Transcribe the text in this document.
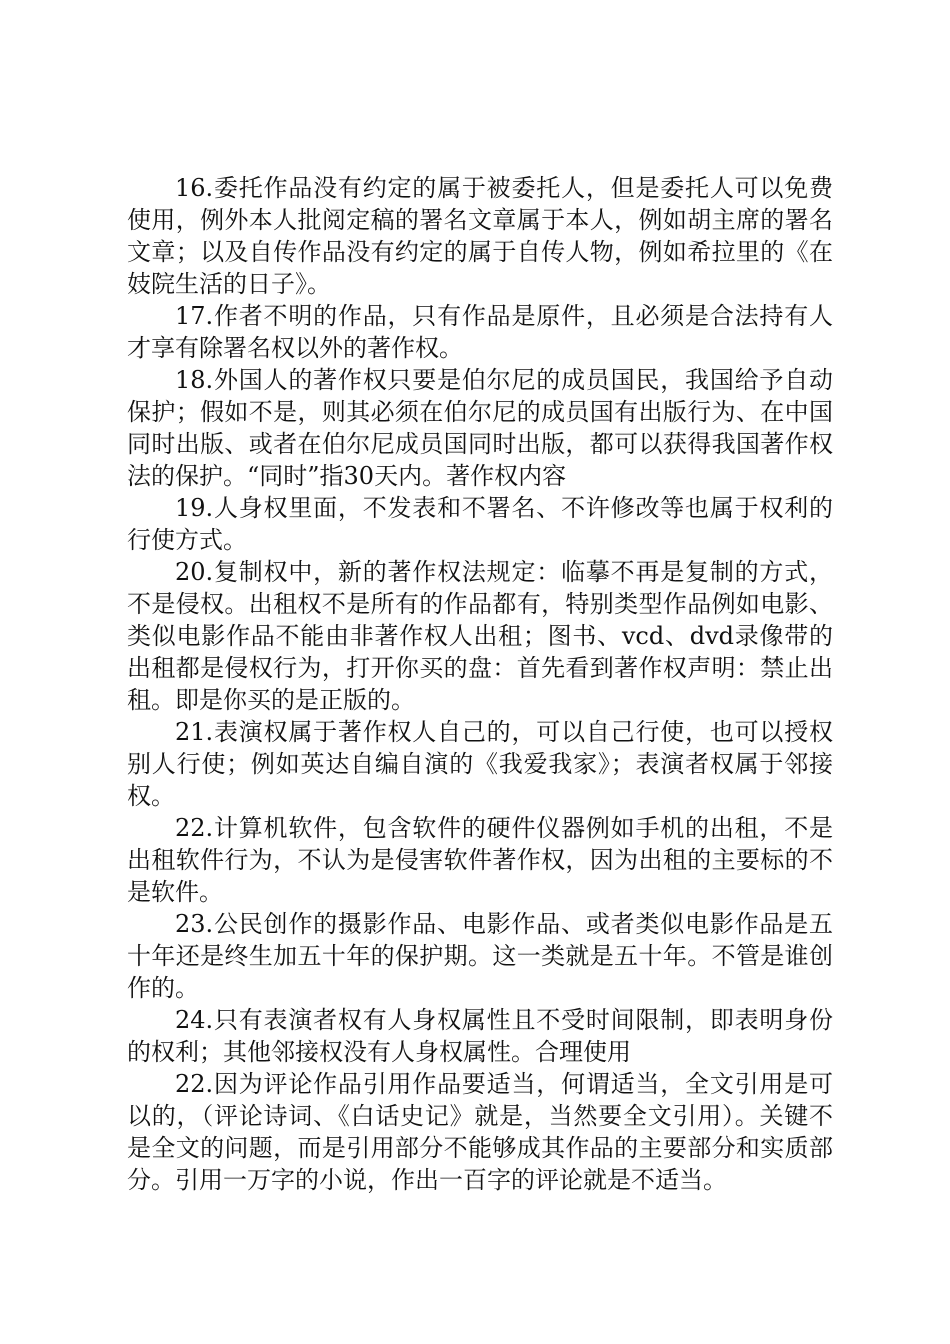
16.委托作品没有约定的属于被委托人，但是委托人可以免费使用，例外本人批阅定稿的署名文章属于本人，例如胡主席的署名文章；以及自传作品没有约定的属于自传人物，例如希拉里的《在妓院生活的日子》。

17.作者不明的作品，只有作品是原件，且必须是合法持有人才享有除署名权以外的著作权。

18.外国人的著作权只要是伯尔尼的成员国民，我国给予自动保护；假如不是，则其必须在伯尔尼的成员国有出版行为、在中国同时出版、或者在伯尔尼成员国同时出版，都可以获得我国著作权法的保护。“同时”指30天内。著作权内容

19.人身权里面，不发表和不署名、不许修改等也属于权利的行使方式。

20.复制权中，新的著作权法规定：临摹不再是复制的方式，不是侵权。出租权不是所有的作品都有，特别类型作品例如电影、类似电影作品不能由非著作权人出租；图书、vcd、dvd录像带的出租都是侵权行为，打开你买的盘：首先看到著作权声明：禁止出租。即是你买的是正版的。

21.表演权属于著作权人自己的，可以自己行使，也可以授权别人行使；例如英达自编自演的《我爱我家》；表演者权属于邻接权。

22.计算机软件，包含软件的硬件仪器例如手机的出租，不是出租软件行为，不认为是侵害软件著作权，因为出租的主要标的不是软件。

23.公民创作的摄影作品、电影作品、或者类似电影作品是五十年还是终生加五十年的保护期。这一类就是五十年。不管是谁创作的。

24.只有表演者权有人身权属性且不受时间限制，即表明身份的权利；其他邻接权没有人身权属性。合理使用

22.因为评论作品引用作品要适当，何谓适当，全文引用是可以的，（评论诗词、《白话史记》就是，当然要全文引用）。关键不是全文的问题，而是引用部分不能够成其作品的主要部分和实质部分。引用一万字的小说，作出一百字的评论就是不适当。
